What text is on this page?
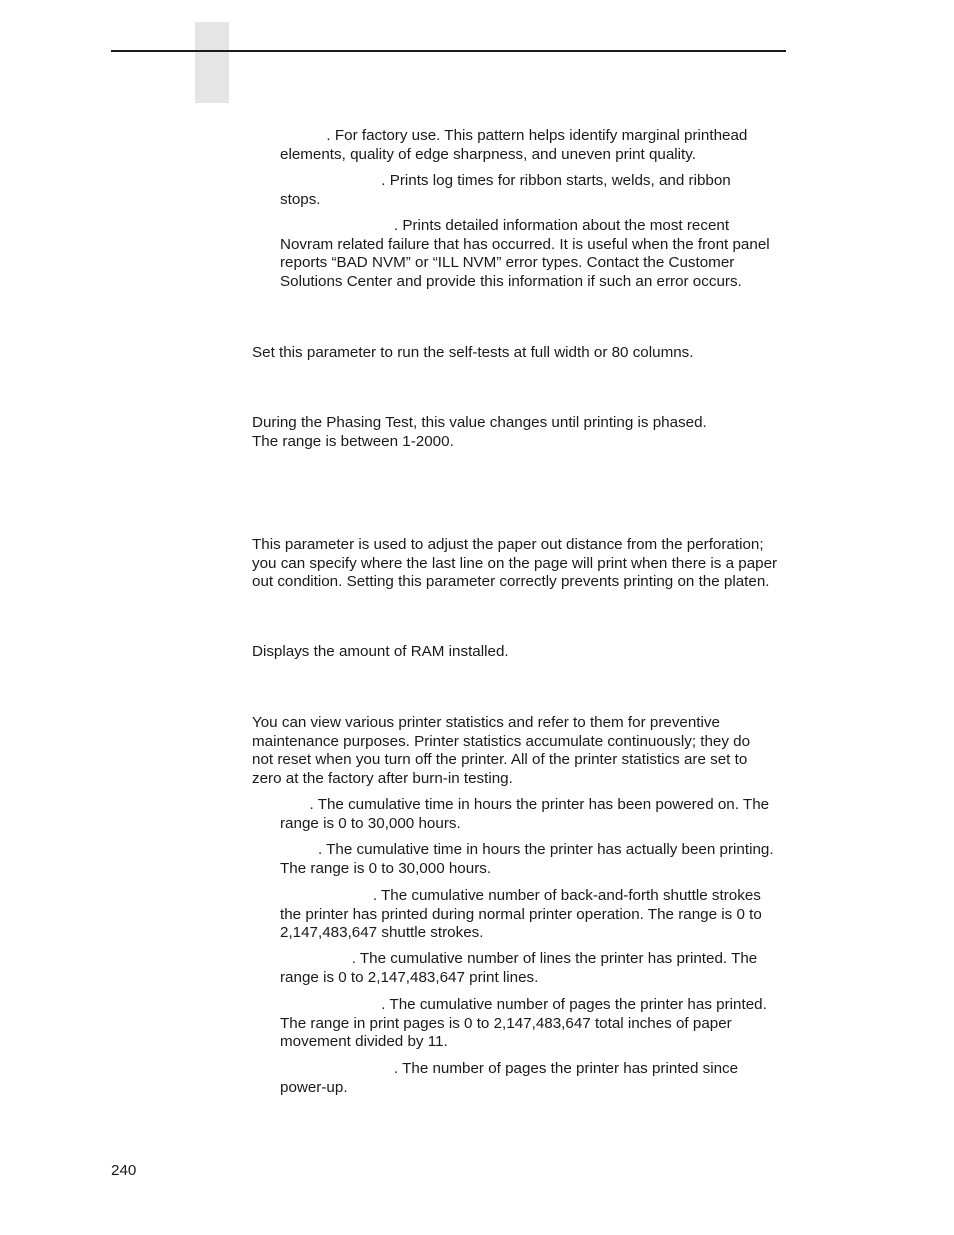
. For factory use. This pattern helps identify marginal printhead
elements, quality of edge sharpness, and uneven print quality.

. Prints log times for ribbon starts, welds, and ribbon
stops.

. Prints detailed information about the most recent
Novram related failure that has occurred. It is useful when the front panel
reports “BAD NVM” or “ILL NVM” error types. Contact the Customer
Solutions Center and provide this information if such an error occurs.

Set this parameter to run the self-tests at full width or 80 columns.

During the Phasing Test, this value changes until printing is phased.
The range is between 1-2000.

This parameter is used to adjust the paper out distance from the perforation;
you can specify where the last line on the page will print when there is a paper
out condition. Setting this parameter correctly prevents printing on the platen.

Displays the amount of RAM installed.

You can view various printer statistics and refer to them for preventive
maintenance purposes. Printer statistics accumulate continuously; they do
not reset when you turn off the printer. All of the printer statistics are set to
zero at the factory after burn-in testing.

. The cumulative time in hours the printer has been powered on. The
range is 0 to 30,000 hours.

. The cumulative time in hours the printer has actually been printing.
The range is 0 to 30,000 hours.

. The cumulative number of back-and-forth shuttle strokes
the printer has printed during normal printer operation. The range is 0 to
2,147,483,647 shuttle strokes.

. The cumulative number of lines the printer has printed. The
range is 0 to 2,147,483,647 print lines.

. The cumulative number of pages the printer has printed.
The range in print pages is 0 to 2,147,483,647 total inches of paper
movement divided by 11.

. The number of pages the printer has printed since
power-up.

240
